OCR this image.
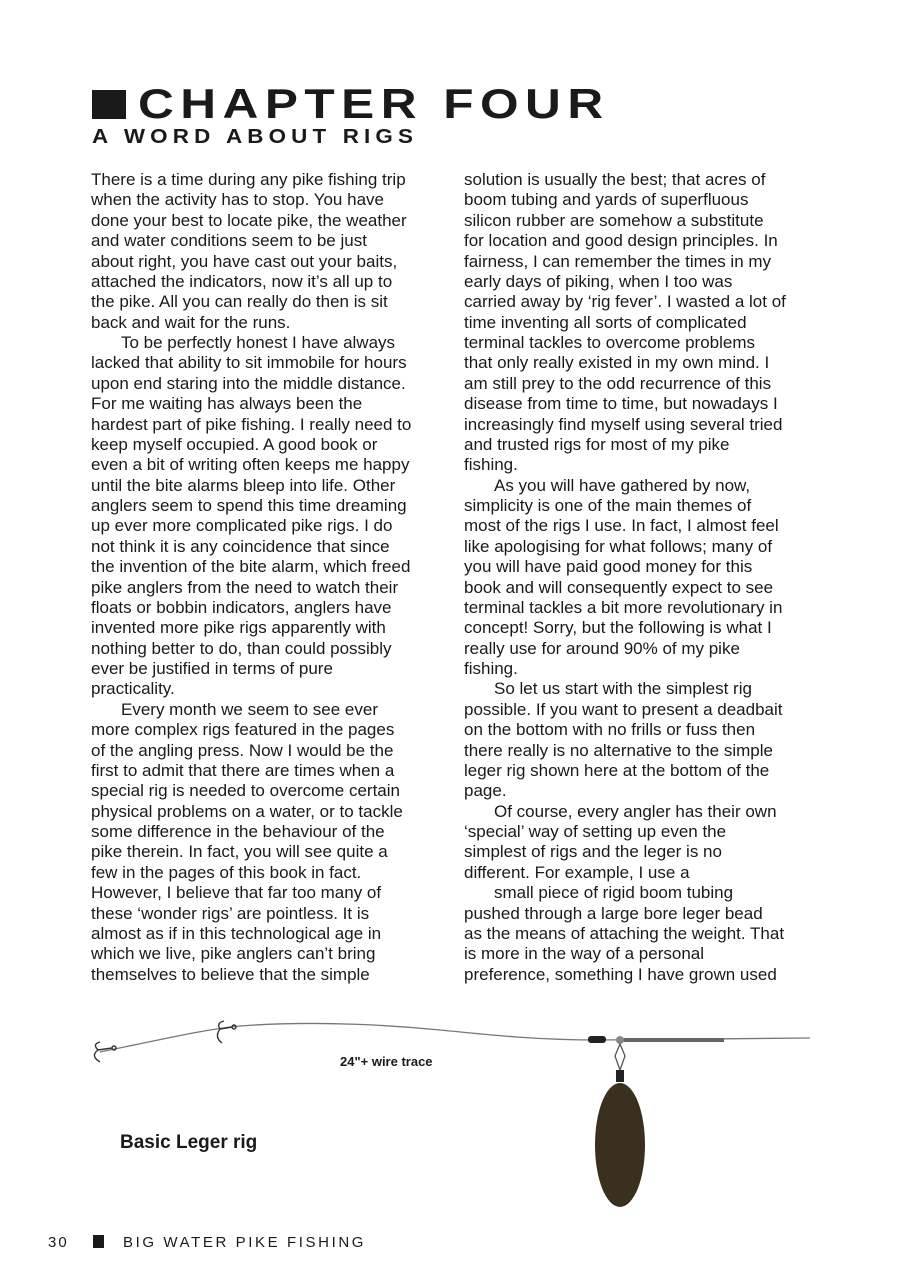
CHAPTER FOUR
A WORD ABOUT RIGS
There is a time during any pike fishing trip
when the activity has to stop. You have
done your best to locate pike, the weather
and water conditions seem to be just
about right, you have cast out your baits,
attached the indicators, now it’s all up to
the pike. All you can really do then is sit
back and wait for the runs.
To be perfectly honest I have always
lacked that ability to sit immobile for hours
upon end staring into the middle distance.
For me waiting has always been the
hardest part of pike fishing. I really need to
keep myself occupied. A good book or
even a bit of writing often keeps me happy
until the bite alarms bleep into life. Other
anglers seem to spend this time dreaming
up ever more complicated pike rigs. I do
not think it is any coincidence that since
the invention of the bite alarm, which freed
pike anglers from the need to watch their
floats or bobbin indicators, anglers have
invented more pike rigs apparently with
nothing better to do, than could possibly
ever be justified in terms of pure
practicality.
Every month we seem to see ever
more complex rigs featured in the pages
of the angling press. Now I would be the
first to admit that there are times when a
special rig is needed to overcome certain
physical problems on a water, or to tackle
some difference in the behaviour of the
pike therein. In fact, you will see quite a
few in the pages of this book in fact.
However, I believe that far too many of
these ‘wonder rigs’ are pointless. It is
almost as if in this technological age in
which we live, pike anglers can’t bring
themselves to believe that the simple
solution is usually the best; that acres of
boom tubing and yards of superfluous
silicon rubber are somehow a substitute
for location and good design principles. In
fairness, I can remember the times in my
early days of piking, when I too was
carried away by ‘rig fever’. I wasted a lot of
time inventing all sorts of complicated
terminal tackles to overcome problems
that only really existed in my own mind. I
am still prey to the odd recurrence of this
disease from time to time, but nowadays I
increasingly find myself using several tried
and trusted rigs for most of my pike
fishing.
As you will have gathered by now,
simplicity is one of the main themes of
most of the rigs I use. In fact, I almost feel
like apologising for what follows; many of
you will have paid good money for this
book and will consequently expect to see
terminal tackles a bit more revolutionary in
concept! Sorry, but the following is what I
really use for around 90% of my pike
fishing.
So let us start with the simplest rig
possible. If you want to present a deadbait
on the bottom with no frills or fuss then
there really is no alternative to the simple
leger rig shown here at the bottom of the
page.
Of course, every angler has their own
‘special’ way of setting up even the
simplest of rigs and the leger is no
different. For example, I use a
small piece of rigid boom tubing
pushed through a large bore leger bead
as the means of attaching the weight. That
is more in the way of a personal
preference, something I have grown used
24"+ wire trace
Basic Leger rig
30	BIG WATER PIKE FISHING
